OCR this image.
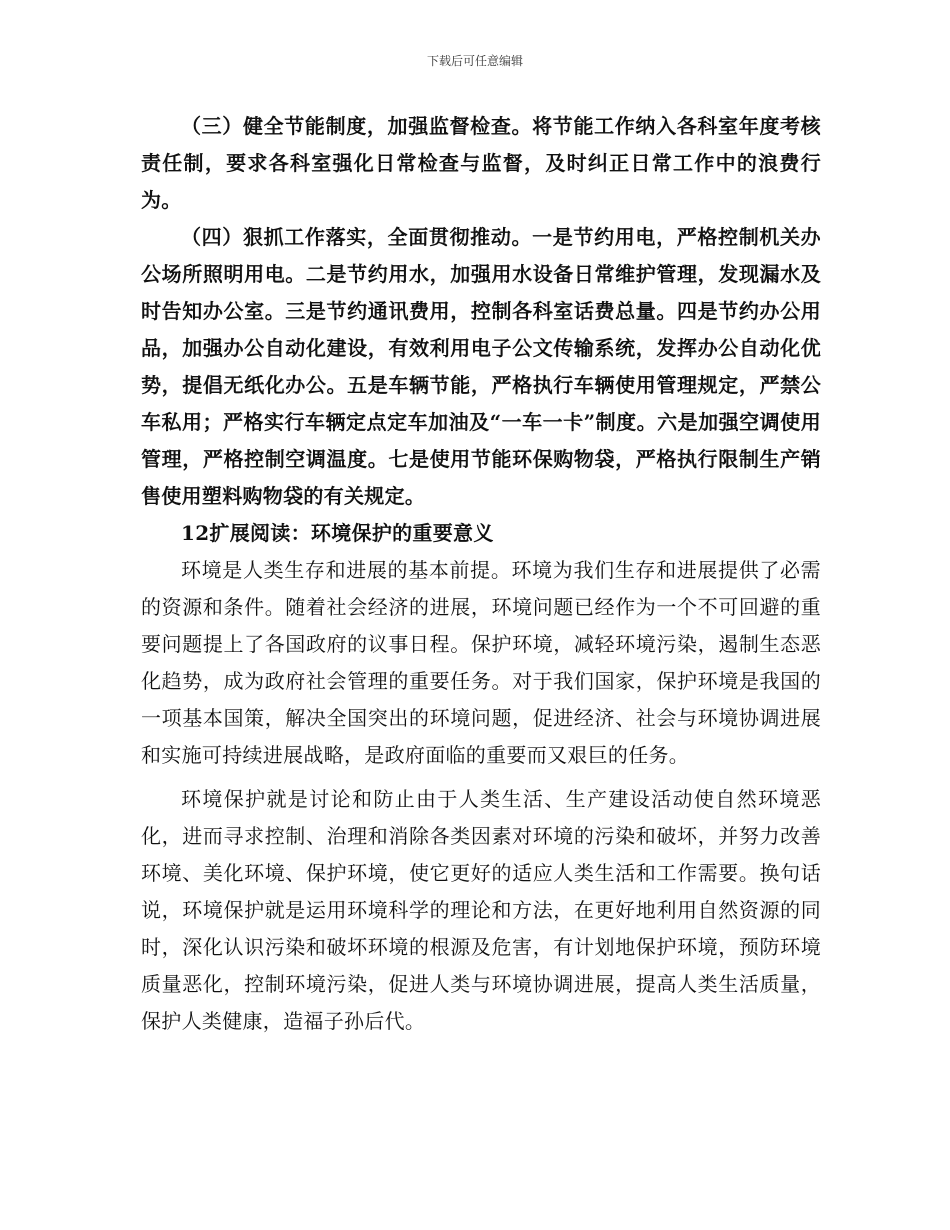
下载后可任意编辑

（三）健全节能制度，加强监督检查。将节能工作纳入各科室年度考核责任制，要求各科室强化日常检查与监督，及时纠正日常工作中的浪费行为。

（四）狠抓工作落实，全面贯彻推动。一是节约用电，严格控制机关办公场所照明用电。二是节约用水，加强用水设备日常维护管理，发现漏水及时告知办公室。三是节约通讯费用，控制各科室话费总量。四是节约办公用品，加强办公自动化建设，有效利用电子公文传输系统，发挥办公自动化优势，提倡无纸化办公。五是车辆节能，严格执行车辆使用管理规定，严禁公车私用；严格实行车辆定点定车加油及“一车一卡”制度。六是加强空调使用管理，严格控制空调温度。七是使用节能环保购物袋，严格执行限制生产销售使用塑料购物袋的有关规定。

12扩展阅读：环境保护的重要意义

环境是人类生存和进展的基本前提。环境为我们生存和进展提供了必需的资源和条件。随着社会经济的进展，环境问题已经作为一个不可回避的重要问题提上了各国政府的议事日程。保护环境，减轻环境污染，遏制生态恶化趋势，成为政府社会管理的重要任务。对于我们国家，保护环境是我国的一项基本国策，解决全国突出的环境问题，促进经济、社会与环境协调进展和实施可持续进展战略，是政府面临的重要而又艰巨的任务。

环境保护就是讨论和防止由于人类生活、生产建设活动使自然环境恶化，进而寻求控制、治理和消除各类因素对环境的污染和破坏，并努力改善环境、美化环境、保护环境，使它更好的适应人类生活和工作需要。换句话说，环境保护就是运用环境科学的理论和方法，在更好地利用自然资源的同时，深化认识污染和破坏环境的根源及危害，有计划地保护环境，预防环境质量恶化，控制环境污染，促进人类与环境协调进展，提高人类生活质量，保护人类健康，造福子孙后代。
